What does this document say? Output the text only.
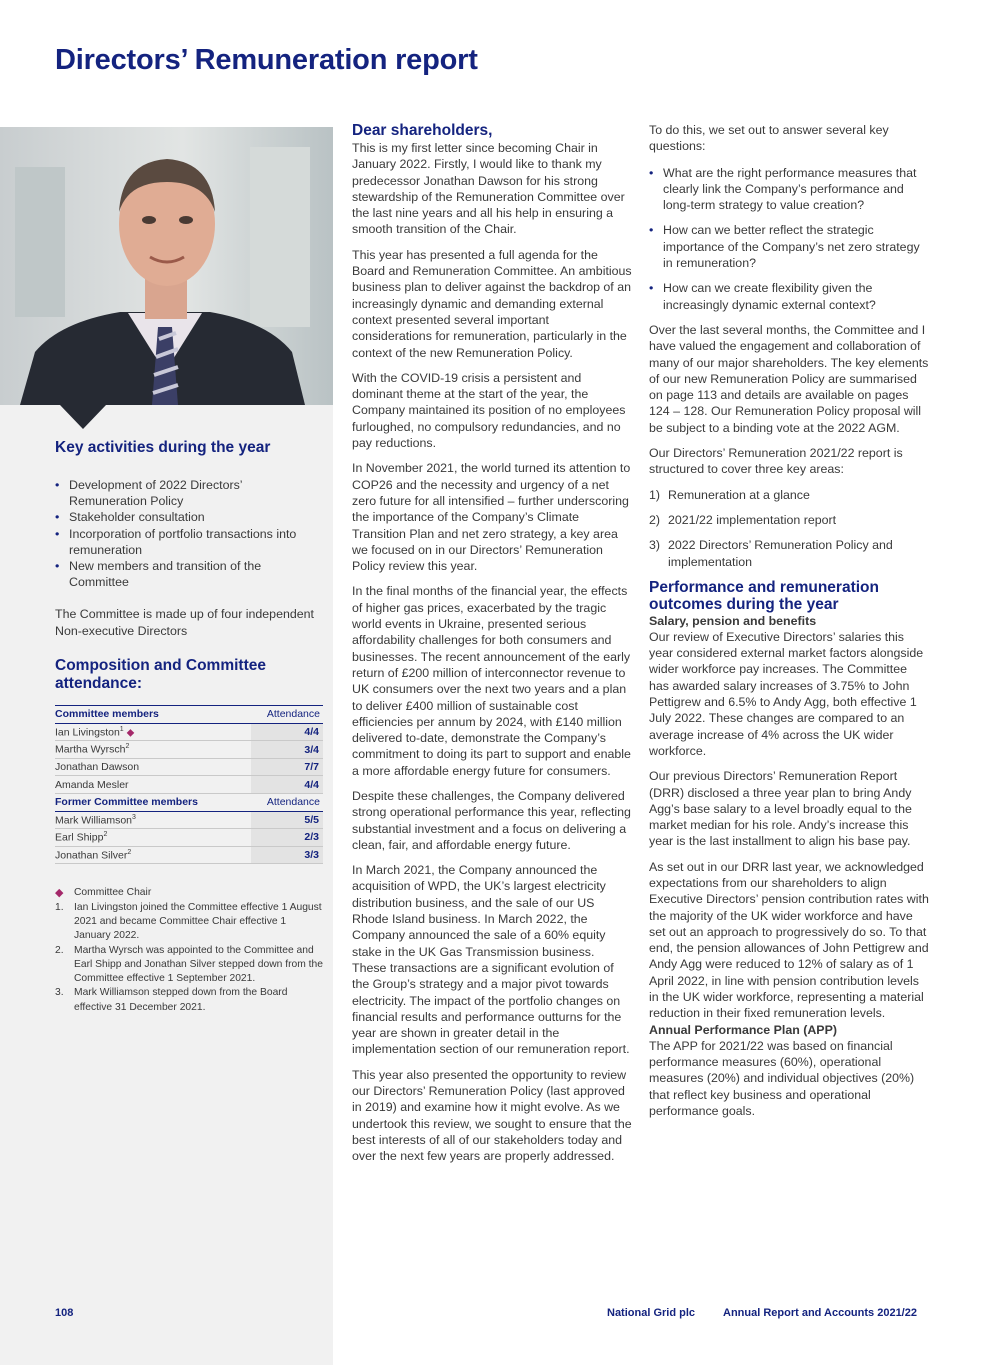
Directors’ Remuneration report
Key activities during the year
• Development of 2022 Directors’ Remuneration Policy
• Stakeholder consultation
• Incorporation of portfolio transactions into remuneration
• New members and transition of the Committee

The Committee is made up of four independent Non-executive Directors

Composition and Committee attendance:
Committee members	Attendance
Ian Livingston$^1$ ◆	4/4
Martha Wyrsch$^2$	3/4
Jonathan Dawson	7/7
Amanda Mesler	4/4
Former Committee members	Attendance
Mark Williamson$^3$	5/5
Earl Shipp$^2$	2/3
Jonathan Silver$^2$	3/3
◆ Committee Chair
1. Ian Livingston joined the Committee effective 1 August 2021 and became Committee Chair effective 1 January 2022.
2. Martha Wyrsch was appointed to the Committee and Earl Shipp and Jonathan Silver stepped down from the Committee effective 1 September 2021.
3. Mark Williamson stepped down from the Board effective 31 December 2021.
Dear shareholders,

This is my first letter since becoming Chair in January 2022. Firstly, I would like to thank my predecessor Jonathan Dawson for his strong stewardship of the Remuneration Committee over the last nine years and all his help in ensuring a smooth transition of the Chair.

This year has presented a full agenda for the Board and Remuneration Committee. An ambitious business plan to deliver against the backdrop of an increasingly dynamic and demanding external context presented several important considerations for remuneration, particularly in the context of the new Remuneration Policy.

With the COVID-19 crisis a persistent and dominant theme at the start of the year, the Company maintained its position of no employees furloughed, no compulsory redundancies, and no pay reductions.

In November 2021, the world turned its attention to COP26 and the necessity and urgency of a net zero future for all intensified – further underscoring the importance of the Company’s Climate Transition Plan and net zero strategy, a key area we focused on in our Directors’ Remuneration Policy review this year.

In the final months of the financial year, the effects of higher gas prices, exacerbated by the tragic world events in Ukraine, presented serious affordability challenges for both consumers and businesses. The recent announcement of the early return of £200 million of interconnector revenue to UK consumers over the next two years and a plan to deliver £400 million of sustainable cost efficiencies per annum by 2024, with £140 million delivered to-date, demonstrate the Company’s commitment to doing its part to support and enable a more affordable energy future for consumers.

Despite these challenges, the Company delivered strong operational performance this year, reflecting substantial investment and a focus on delivering a clean, fair, and affordable energy future.

In March 2021, the Company announced the acquisition of WPD, the UK’s largest electricity distribution business, and the sale of our US Rhode Island business. In March 2022, the Company announced the sale of a 60% equity stake in the UK Gas Transmission business. These transactions are a significant evolution of the Group’s strategy and a major pivot towards electricity. The impact of the portfolio changes on financial results and performance outturns for the year are shown in greater detail in the implementation section of our remuneration report.

This year also presented the opportunity to review our Directors’ Remuneration Policy (last approved in 2019) and examine how it might evolve. As we undertook this review, we sought to ensure that the best interests of all of our stakeholders today and over the next few years are properly addressed.

To do this, we set out to answer several key questions:

• What are the right performance measures that clearly link the Company’s performance and long-term strategy to value creation?
• How can we better reflect the strategic importance of the Company’s net zero strategy in remuneration?
• How can we create flexibility given the increasingly dynamic external context?

Over the last several months, the Committee and I have valued the engagement and collaboration of many of our major shareholders. The key elements of our new Remuneration Policy are summarised on page 113 and details are available on pages 124 – 128. Our Remuneration Policy proposal will be subject to a binding vote at the 2022 AGM.

Our Directors’ Remuneration 2021/22 report is structured to cover three key areas:

1) Remuneration at a glance
2) 2021/22 implementation report
3) 2022 Directors’ Remuneration Policy and implementation
Performance and remuneration outcomes during the year
Salary, pension and benefits

Our review of Executive Directors’ salaries this year considered external market factors alongside wider workforce pay increases. The Committee has awarded salary increases of 3.75% to John Pettigrew and 6.5% to Andy Agg, both effective 1 July 2022. These changes are compared to an average increase of 4% across the UK wider workforce.

Our previous Directors’ Remuneration Report (DRR) disclosed a three year plan to bring Andy Agg’s base salary to a level broadly equal to the market median for his role. Andy’s increase this year is the last installment to align his base pay.

As set out in our DRR last year, we acknowledged expectations from our shareholders to align Executive Directors’ pension contribution rates with the majority of the UK wider workforce and have set out an approach to progressively do so. To that end, the pension allowances of John Pettigrew and Andy Agg were reduced to 12% of salary as of 1 April 2022, in line with pension contribution levels in the UK wider workforce, representing a material reduction in their fixed remuneration levels.

Annual Performance Plan (APP)

The APP for 2021/22 was based on financial performance measures (60%), operational measures (20%) and individual objectives (20%) that reflect key business and operational performance goals.

108	National Grid plc	Annual Report and Accounts 2021/22
